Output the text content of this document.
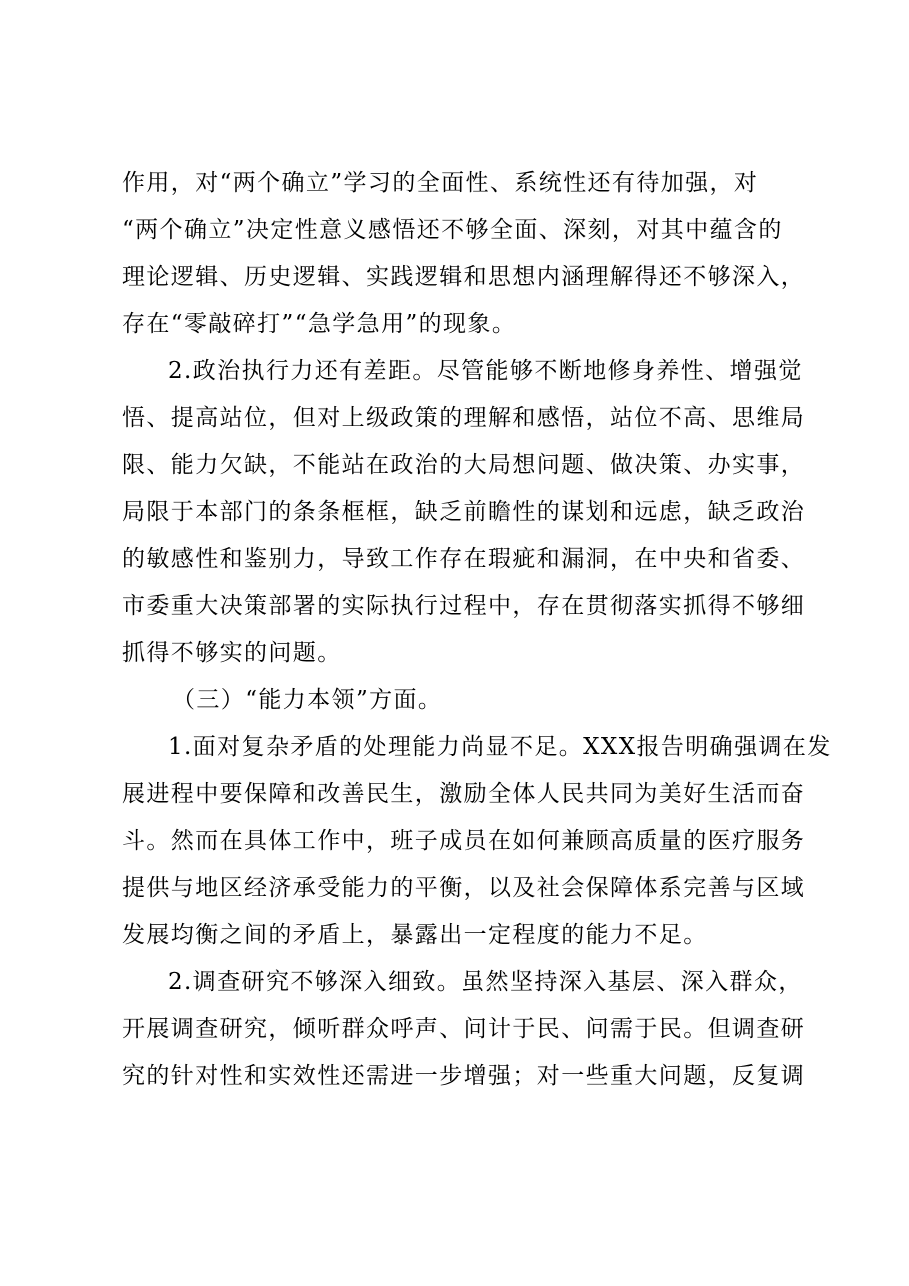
作用，对“两个确立”学习的全面性、系统性还有待加强，对
“两个确立”决定性意义感悟还不够全面、深刻，对其中蕴含的
理论逻辑、历史逻辑、实践逻辑和思想内涵理解得还不够深入，
存在“零敲碎打”“急学急用”的现象。
2.政治执行力还有差距。尽管能够不断地修身养性、增强觉
悟、提高站位，但对上级政策的理解和感悟，站位不高、思维局
限、能力欠缺，不能站在政治的大局想问题、做决策、办实事，
局限于本部门的条条框框，缺乏前瞻性的谋划和远虑，缺乏政治
的敏感性和鉴别力，导致工作存在瑕疵和漏洞，在中央和省委、
市委重大决策部署的实际执行过程中，存在贯彻落实抓得不够细
抓得不够实的问题。
（三）“能力本领”方面。
1.面对复杂矛盾的处理能力尚显不足。XXX报告明确强调在发
展进程中要保障和改善民生，激励全体人民共同为美好生活而奋
斗。然而在具体工作中，班子成员在如何兼顾高质量的医疗服务
提供与地区经济承受能力的平衡，以及社会保障体系完善与区域
发展均衡之间的矛盾上，暴露出一定程度的能力不足。
2.调查研究不够深入细致。虽然坚持深入基层、深入群众，
开展调查研究，倾听群众呼声、问计于民、问需于民。但调查研
究的针对性和实效性还需进一步增强；对一些重大问题，反复调
